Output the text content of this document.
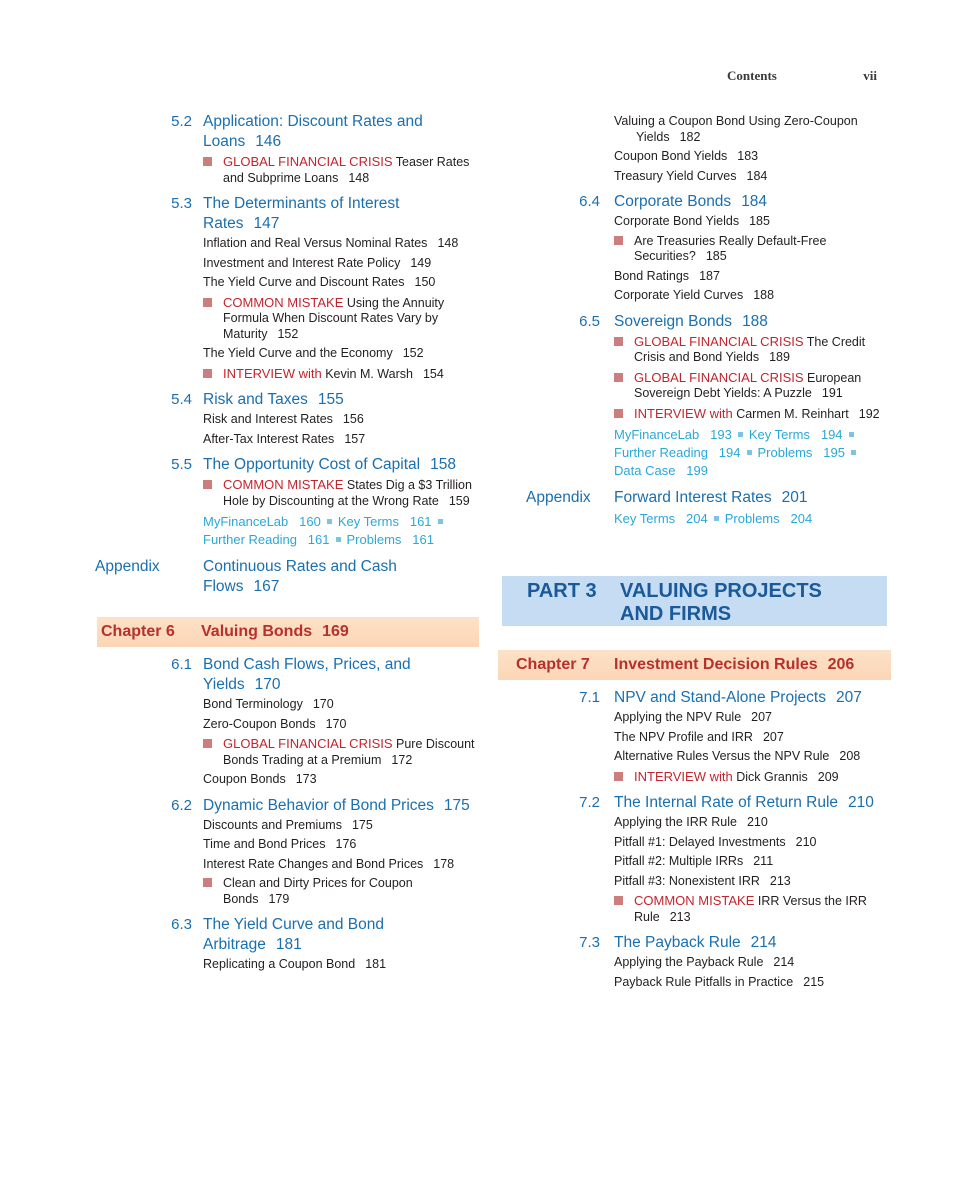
Contents	vii
5.2 Application: Discount Rates and Loans 146
GLOBAL FINANCIAL CRISIS Teaser Rates and Subprime Loans 148
5.3 The Determinants of Interest Rates 147
Inflation and Real Versus Nominal Rates 148
Investment and Interest Rate Policy 149
The Yield Curve and Discount Rates 150
COMMON MISTAKE Using the Annuity Formula When Discount Rates Vary by Maturity 152
The Yield Curve and the Economy 152
INTERVIEW with Kevin M. Warsh 154
5.4 Risk and Taxes 155
Risk and Interest Rates 156
After-Tax Interest Rates 157
5.5 The Opportunity Cost of Capital 158
COMMON MISTAKE States Dig a $3 Trillion Hole by Discounting at the Wrong Rate 159
MyFinanceLab 160 Key Terms 161Further Reading 161 Problems 161
Appendix	Continuous Rates and Cash Flows 167
Chapter 6 Valuing Bonds 169
6.1 Bond Cash Flows, Prices, and Yields 170
Bond Terminology 170
Zero-Coupon Bonds 170
GLOBAL FINANCIAL CRISIS Pure Discount Bonds Trading at a Premium 172
Coupon Bonds 173
6.2 Dynamic Behavior of Bond Prices 175
Discounts and Premiums 175
Time and Bond Prices 176
Interest Rate Changes and Bond Prices 178
Clean and Dirty Prices for Coupon Bonds 179
6.3 The Yield Curve and Bond Arbitrage 181
Replicating a Coupon Bond 181
Valuing a Coupon Bond Using Zero-Coupon Yields 182
Coupon Bond Yields 183
Treasury Yield Curves 184
6.4 Corporate Bonds 184
Corporate Bond Yields 185
Are Treasuries Really Default-Free Securities? 185
Bond Ratings 187
Corporate Yield Curves 188
6.5 Sovereign Bonds 188
GLOBAL FINANCIAL CRISIS The Credit Crisis and Bond Yields 189
GLOBAL FINANCIAL CRISIS European Sovereign Debt Yields: A Puzzle 191
INTERVIEW with Carmen M. Reinhart 192
MyFinanceLab 193 Key Terms 194Further Reading 194 Problems 195Data Case 199
Appendix Forward Interest Rates 201
Key Terms 204 Problems 204
PART 3 VALUING PROJECTS
AND FIRMS
Chapter 7 Investment Decision Rules 206
7.1 NPV and Stand-Alone Projects 207
Applying the NPV Rule 207
The NPV Profile and IRR 207
Alternative Rules Versus the NPV Rule 208
INTERVIEW with Dick Grannis 209
7.2 The Internal Rate of Return Rule 210
Applying the IRR Rule 210
Pitfall #1: Delayed Investments 210
Pitfall #2: Multiple IRRs 211
Pitfall #3: Nonexistent IRR 213
COMMON MISTAKE IRR Versus the IRR Rule 213
7.3 The Payback Rule 214
Applying the Payback Rule 214
Payback Rule Pitfalls in Practice 215
